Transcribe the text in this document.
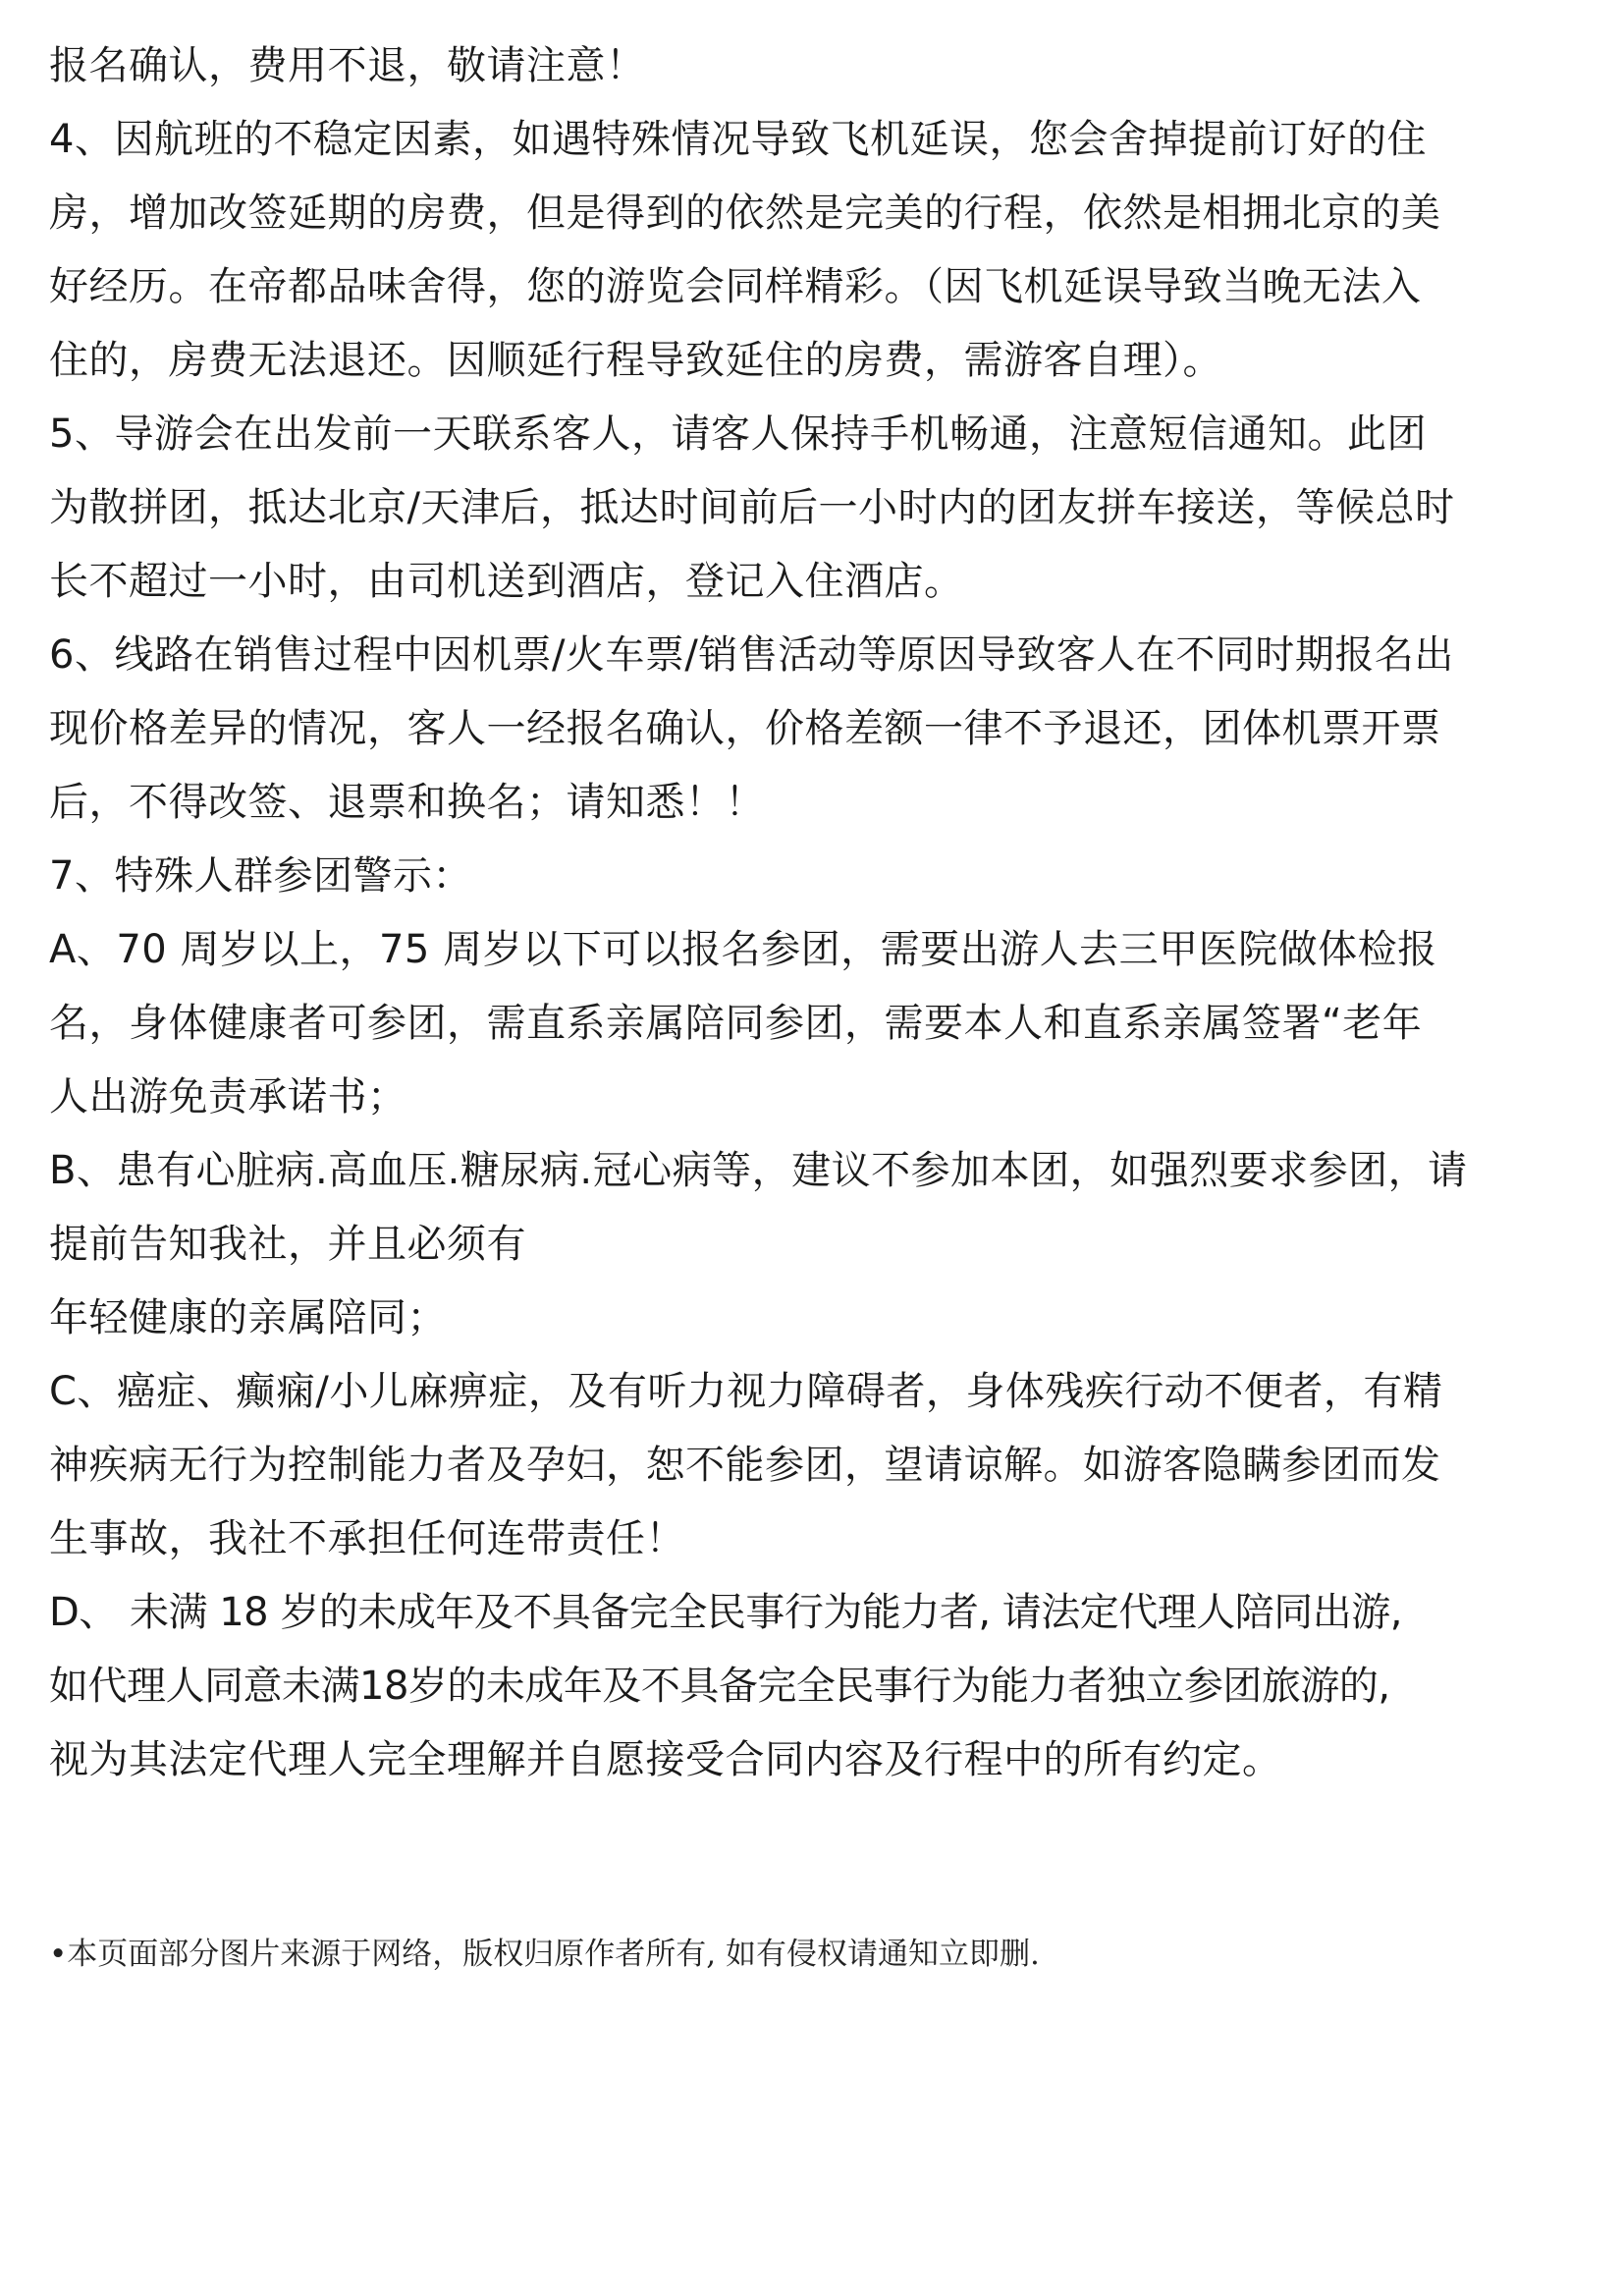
报名确认，费用不退，敬请注意！
4、因航班的不稳定因素，如遇特殊情况导致飞机延误，您会舍掉提前订好的住
房，增加改签延期的房费，但是得到的依然是完美的行程，依然是相拥北京的美
好经历。在帝都品味舍得，您的游览会同样精彩。（因飞机延误导致当晚无法入
住的，房费无法退还。因顺延行程导致延住的房费，需游客自理）。
5、导游会在出发前一天联系客人，请客人保持手机畅通，注意短信通知。此团
为散拼团，抵达北京/天津后，抵达时间前后一小时内的团友拼车接送，等候总时
长不超过一小时，由司机送到酒店，登记入住酒店。
6、线路在销售过程中因机票/火车票/销售活动等原因导致客人在不同时期报名出
现价格差异的情况，客人一经报名确认，价格差额一律不予退还，团体机票开票
后，不得改签、退票和换名；请知悉！！
7、特殊人群参团警示：
A、70 周岁以上，75 周岁以下可以报名参团，需要出游人去三甲医院做体检报
名，身体健康者可参团，需直系亲属陪同参团，需要本人和直系亲属签署“老年
人出游免责承诺书；
B、患有心脏病.高血压.糖尿病.冠心病等，建议不参加本团，如强烈要求参团，请
提前告知我社，并且必须有
年轻健康的亲属陪同；
C、癌症、癫痫/小儿麻痹症，及有听力视力障碍者，身体残疾行动不便者，有精
神疾病无行为控制能力者及孕妇，恕不能参团，望请谅解。如游客隐瞒参团而发
生事故，我社不承担任何连带责任！
D、 未满 18 岁的未成年及不具备完全民事行为能力者, 请法定代理人陪同出游,
如代理人同意未满18岁的未成年及不具备完全民事行为能力者独立参团旅游的,
视为其法定代理人完全理解并自愿接受合同内容及行程中的所有约定。
•本页面部分图片来源于网络，版权归原作者所有, 如有侵权请通知立即删.
